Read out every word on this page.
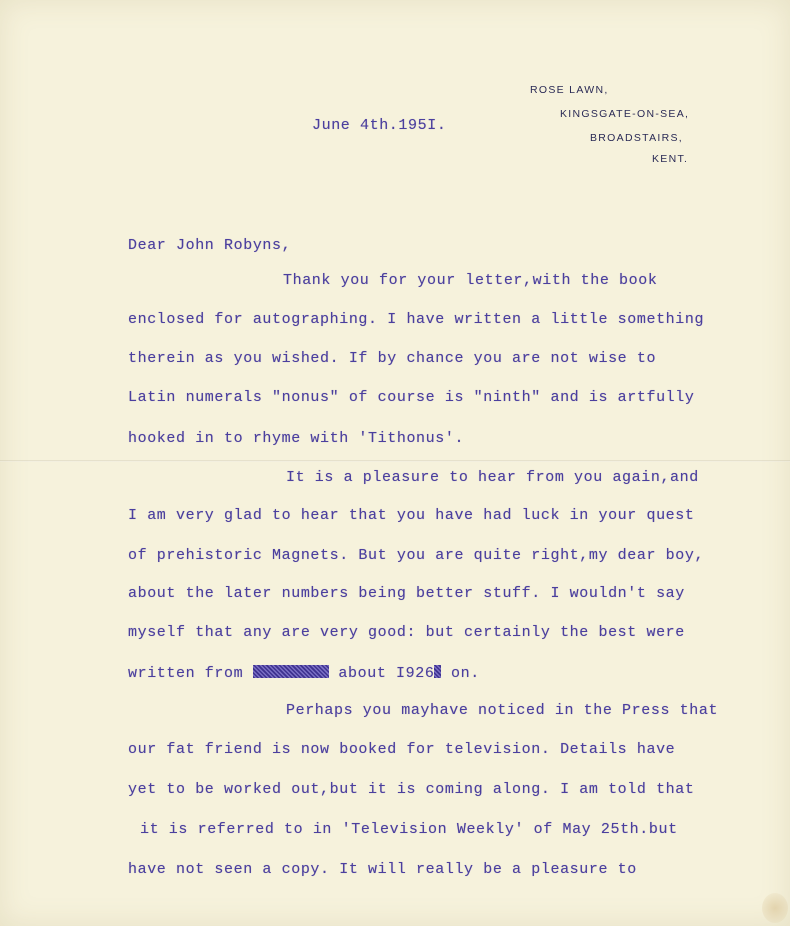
ROSE LAWN,
KINGSGATE-ON-SEA,
BROADSTAIRS,
KENT.
June 4th.195I.
Dear John Robyns,
Thank you for your letter,with the book
enclosed for autographing. I have written a little something
therein as you wished. If by chance you are not wise to
Latin numerals "nonus" of course is "ninth" and is artfully
hooked in to rhyme with 'Tithonus'.
It is a pleasure to hear from you again,and
I am very glad to hear that you have had luck in your quest
of prehistoric Magnets. But you are quite right,my dear boy,
about the later numbers being better stuff. I wouldn't say
myself that any are very good: but certainly the best were
written from	about I926 on.
Perhaps you mayhave noticed in the Press that
our fat friend is now booked for television. Details have
yet to be worked out,but it is coming along. I am told that
it is referred to in 'Television Weekly' of May 25th.but
have not seen a copy. It will really be a pleasure to
